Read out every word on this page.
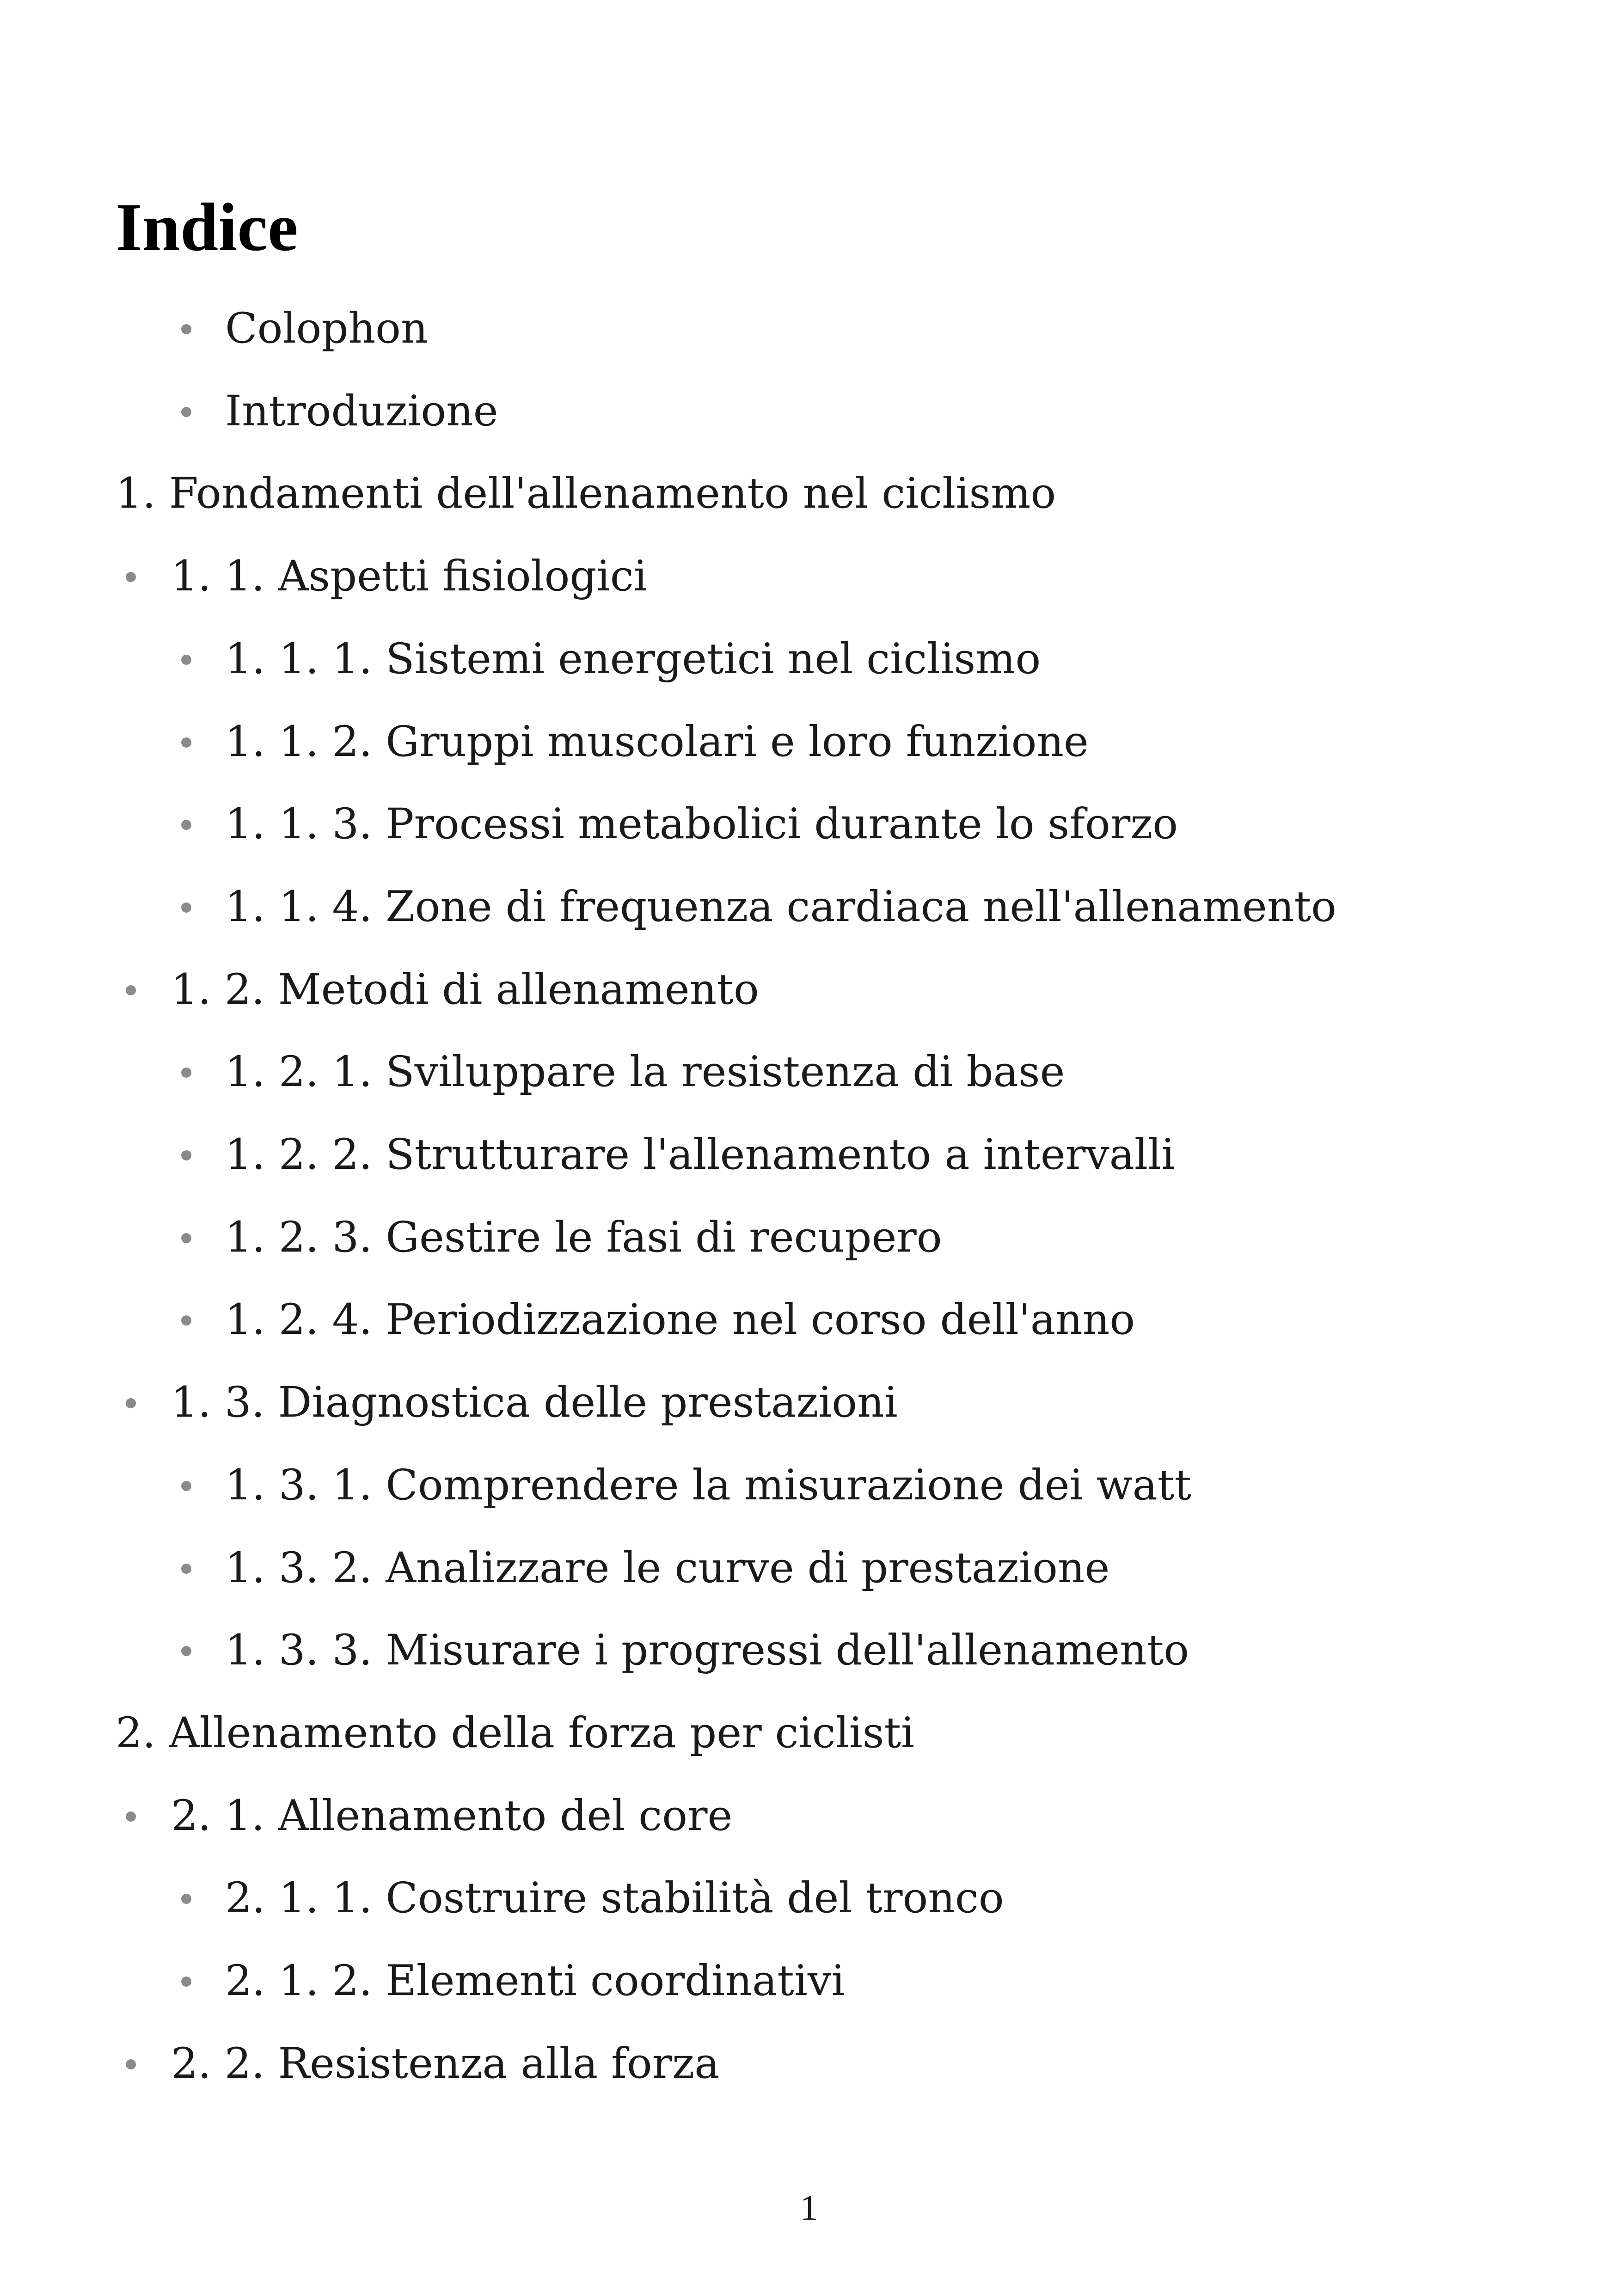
Indice
Colophon
Introduzione
1. Fondamenti dell'allenamento nel ciclismo
1. 1. Aspetti fisiologici
1. 1. 1. Sistemi energetici nel ciclismo
1. 1. 2. Gruppi muscolari e loro funzione
1. 1. 3. Processi metabolici durante lo sforzo
1. 1. 4. Zone di frequenza cardiaca nell'allenamento
1. 2. Metodi di allenamento
1. 2. 1. Sviluppare la resistenza di base
1. 2. 2. Strutturare l'allenamento a intervalli
1. 2. 3. Gestire le fasi di recupero
1. 2. 4. Periodizzazione nel corso dell'anno
1. 3. Diagnostica delle prestazioni
1. 3. 1. Comprendere la misurazione dei watt
1. 3. 2. Analizzare le curve di prestazione
1. 3. 3. Misurare i progressi dell'allenamento
2. Allenamento della forza per ciclisti
2. 1. Allenamento del core
2. 1. 1. Costruire stabilità del tronco
2. 1. 2. Elementi coordinativi
2. 2. Resistenza alla forza
1
